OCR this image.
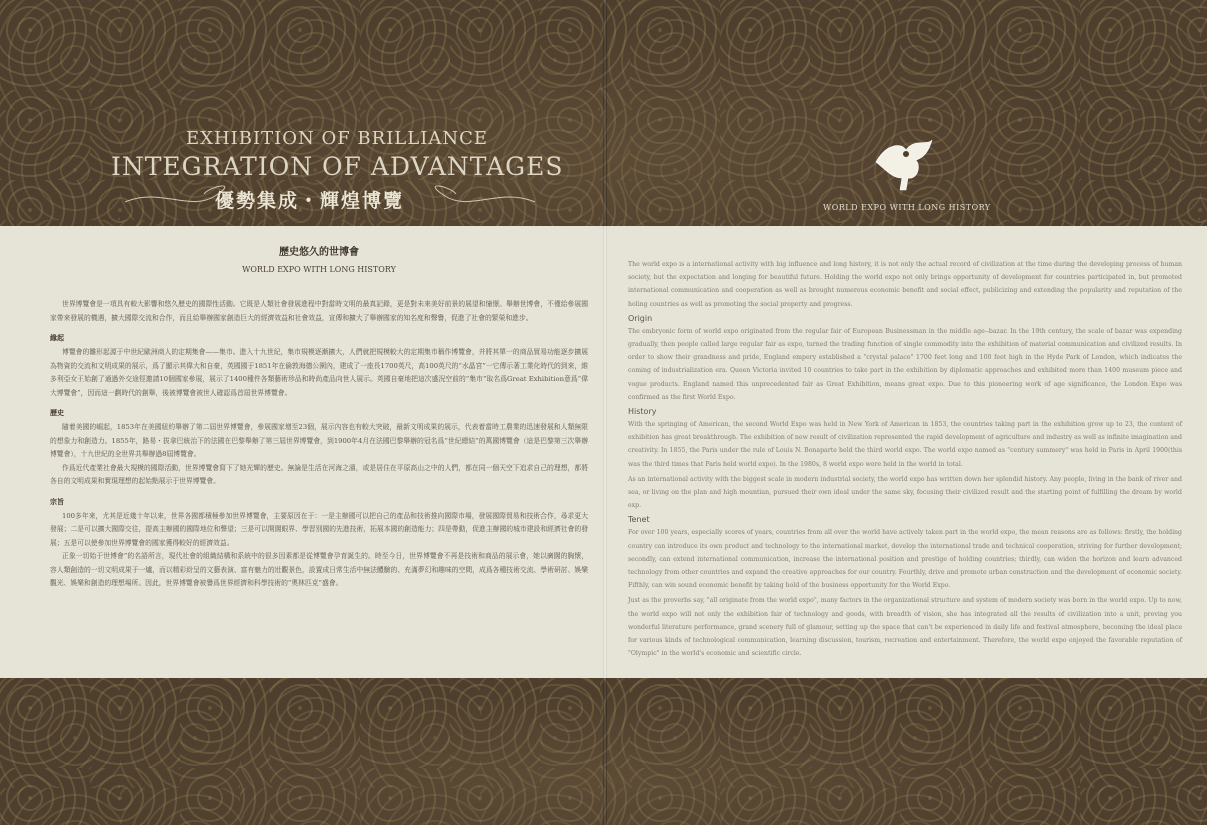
EXHIBITION OF BRILLIANCE
INTEGRATION OF ADVANTAGES
優勢集成・輝煌博覽	WORLD EXPO WITH LONG HISTORY
歷史悠久的世博會
WORLD EXPO WITH LONG HISTORY

世界博覽會是一項具有較大影響和悠久歷史的國際性活動。它既是人類社會發展進程中對當時文明的最真記錄，更是對未來美好前景的展望和憧憬。舉辦世博會，不僅給參展國家帶來發展的機遇，擴大國際交流和合作，而且給舉辦國家創造巨大的經濟效益和社會效益，宣傳和擴大了舉辦國家的知名度和聲譽，促進了社會的繁榮和進步。

緣起

博覽會的雛形起源于中世紀歐洲商人的定期集會——集市。進入十九世紀，集市規模逐漸擴大，人們就把規模較大的定期集市稱作博覽會，并將其單一的商品貿易功能逐步擴展為物資的交流和文明成果的展示，爲了顯示其偉大和自豪，英國國于1851年在倫敦海德公園內，建成了一座長1700英尺，高100英尺的“水晶宮”一它傳示著工業化時代的到來，維多利亞女王始創了通過外交途徑邀請10個國家參展，展示了1400種件各類藝術珍品和時尚產品向世人展示。英國自豪地把這次盛況空前的“集市”取名爲Great Exhibition意爲“偉大博覽會”，因而這一劃時代的創舉，後被博覽會被世人確認爲首屆世界博覽會。

歷史

隨着美國的崛起，1853年在美國紐約舉辦了第二屆世界博覽會，參展國家增至23個，展示內容也有較大突破，最新文明成果的展示，代表着當時工農業的迅速發展和人類無限的想象力和創造力。1855年，路易・拔拿巴統治下的法國在巴黎舉辦了第三屆世界博覽會，到1900年4月在法國巴黎舉辦的冠名爲“世紀總結”的萬國博覽會（這是巴黎第三次舉辦博覽會），十九世紀的全世界共舉辦過8屆博覽會。

作爲近代產業社會最大規模的國際活動，世界博覽會寫下了她光輝的歷史。無論是生活在河海之濱，或是居住在平原高山之中的人們，都在同一個天空下追求自己的理想，都將各自的文明成果和實現理想的起始點展示于世界博覽會。

宗旨

100多年來，尤其是近幾十年以來，世界各國都積極參加世界博覽會，主要原因在于：一是主辦國可以把自己的產品和技術推向國際市場，發展國際貿易和技術合作，尋求更大發展；二是可以擴大國際交往，提高主辦國的國際地位和聲望；三是可以開闊眼界、學習別國的先進技術，拓展本國的創造能力；四是帶動，促進主辦國的城市建設和經濟社會的發展；五是可以使參加世界博覽會的國家獲得較好的經濟效益。

正象一切始于世博會”的名語所言，現代社會的組織結構和系統中的很多因素都是從博覽會孕育誕生的。時至今日，世界博覽會不再是技術和商品的展示會，她以廣闊的胸懷，容人類創造的一切文明成果于一爐，而以精彩紛呈的文藝表演、富有魅力的壯觀景色，設置成日常生活中無法體驗的、充滿夢幻和趣味的空間，成爲各種技術交流、學術研討、娛樂觀光、娛樂和創造的理想場所。因此，世界博覽會被譽爲世界經濟和科學技術的“奧林匹克”盛會。

The world expo is a international activity with big influence and long history, it is not only the actual record of civilization at the time during the developing process of human society, but the expectation and longing for beautiful future. Holding the world expo not only brings opportunity of development for countries participated in, but promoted international communication and cooperation as well as brought numerous economic benefit and social effect, publicizing and extending the popularity and reputation of the holing countries as well as promoting the social property and progress.

Origin

The embryonic form of world expo originated from the regular fair of European Businessman in the middle age--bazar. In the 19th century, the scale of bazar was expending gradually, then people called large regular fair as expo, turned the trading function of single commodity into the exhibition of material communication and civilized results. In order to show their grandness and pride, England empery established a "crystal palace" 1700 feet long and 100 feet high in the Hyde Park of London, which indicates the coming of industrialization era. Queen Victoria invited 10 countries to take part in the exhibition by diplomatic approaches and exhibited more than 1400 museum piece and vogue products. England named this unprecedented fair as Great Exhibition, means great expo. Due to this pioneering work of age significance, the London Expo was confirmed as the first World Expo.

History

With the springing of American, the second World Expo was held in New York of American in 1853, the countries taking part in the exhibition grow up to 23, the content of exhibition has great breakthrough. The exhibition of new result of civilization represented the rapid development of agriculture and industry as well as infinite imagination and creativity. In 1855, the Paris under the rule of Louis N. Bonaparte held the third world expo. The world expo named as "century summery" was held in Paris in April 1900(this was the third times that Paris held world expo). In the 1980s, 8 world expo were held in the world in total.

As an international activity with the biggest scale in modern industrial society, the world expo has written down her splendid history. Any people, living in the bank of river and sea, or living on the plan and high mountian, pursued their own ideal under the same sky, focusing their civilized result and the starting point of fulfilling the dream by world exp.

Tenet

For over 100 years, especially scores of years, countries from all over the world have actively taken part in the world expo, the mean reasons are as follows: firstly, the holding country can introduce its own product and technology to the international market, develop the international trade and technical cooperation, striving for further development; secondly, can extend international communication, increase the international position and prestige of holding countries; thirdly, can widen the horizon and learn advanced technology from other countries and expand the creative approaches for our country. Fourthly, drive and promote urban construction and the development of economic society. Fifthly, can win sound economic benefit by taking hold of the business opportunity for the World Expo.

Just as the proverbs say, "all originate from the world expo", many factors in the organizational structure and system of modern society was born in the world expo. Up to now, the world expo will not only the exhibition fair of technology and goods, with breadth of vision, she has integrated all the results of civilization into a unit, proving you wonderful literature performance, grand scenery full of glamour, setting up the space that can't be experienced in daily life and festival atmosphere, becoming the ideal place for various kinds of technological communication, learning discussion, tourism, recreation and entertainment. Therefore, the world expo enjoyed the favorable reputation of "Olympic" in the world's economic and scientific circle.
